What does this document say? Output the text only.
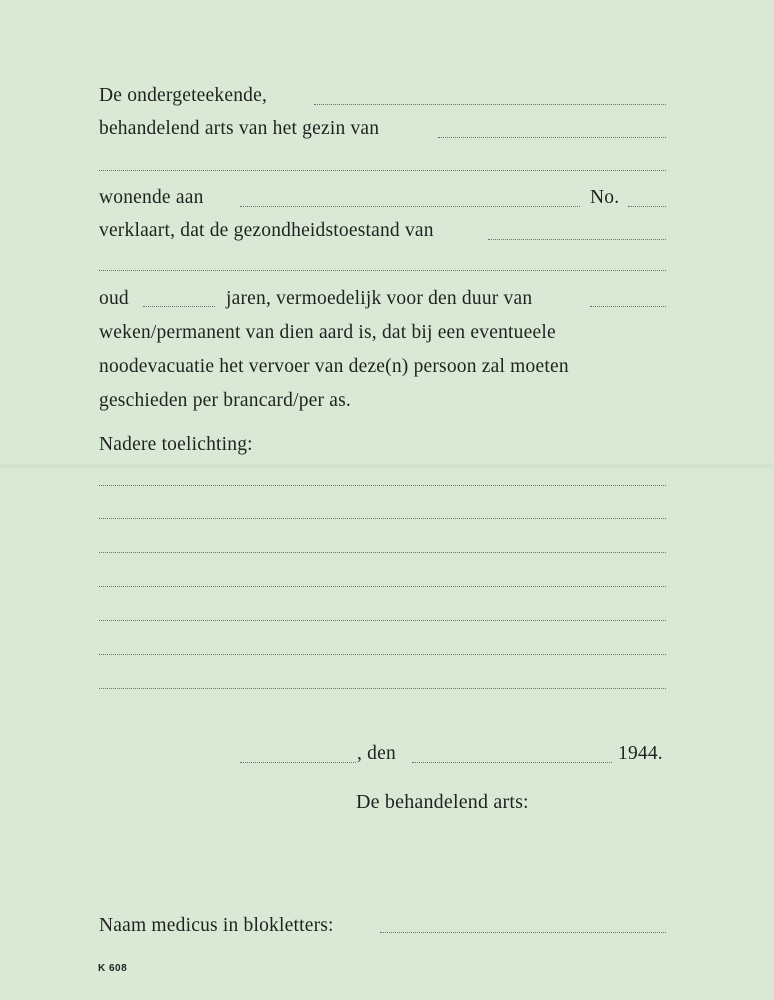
De ondergeteekende,
behandelend arts van het gezin van
wonende aan	No.
verklaart, dat de gezondheidstoestand van
oud	jaren, vermoedelijk voor den duur van
weken/permanent van dien aard is, dat bij een eventueele
noodevacuatie het vervoer van deze(n) persoon zal moeten
geschieden per brancard/per as.
Nadere toelichting:
, den	1944.
De behandelend arts:
Naam medicus in blokletters:
K 608
